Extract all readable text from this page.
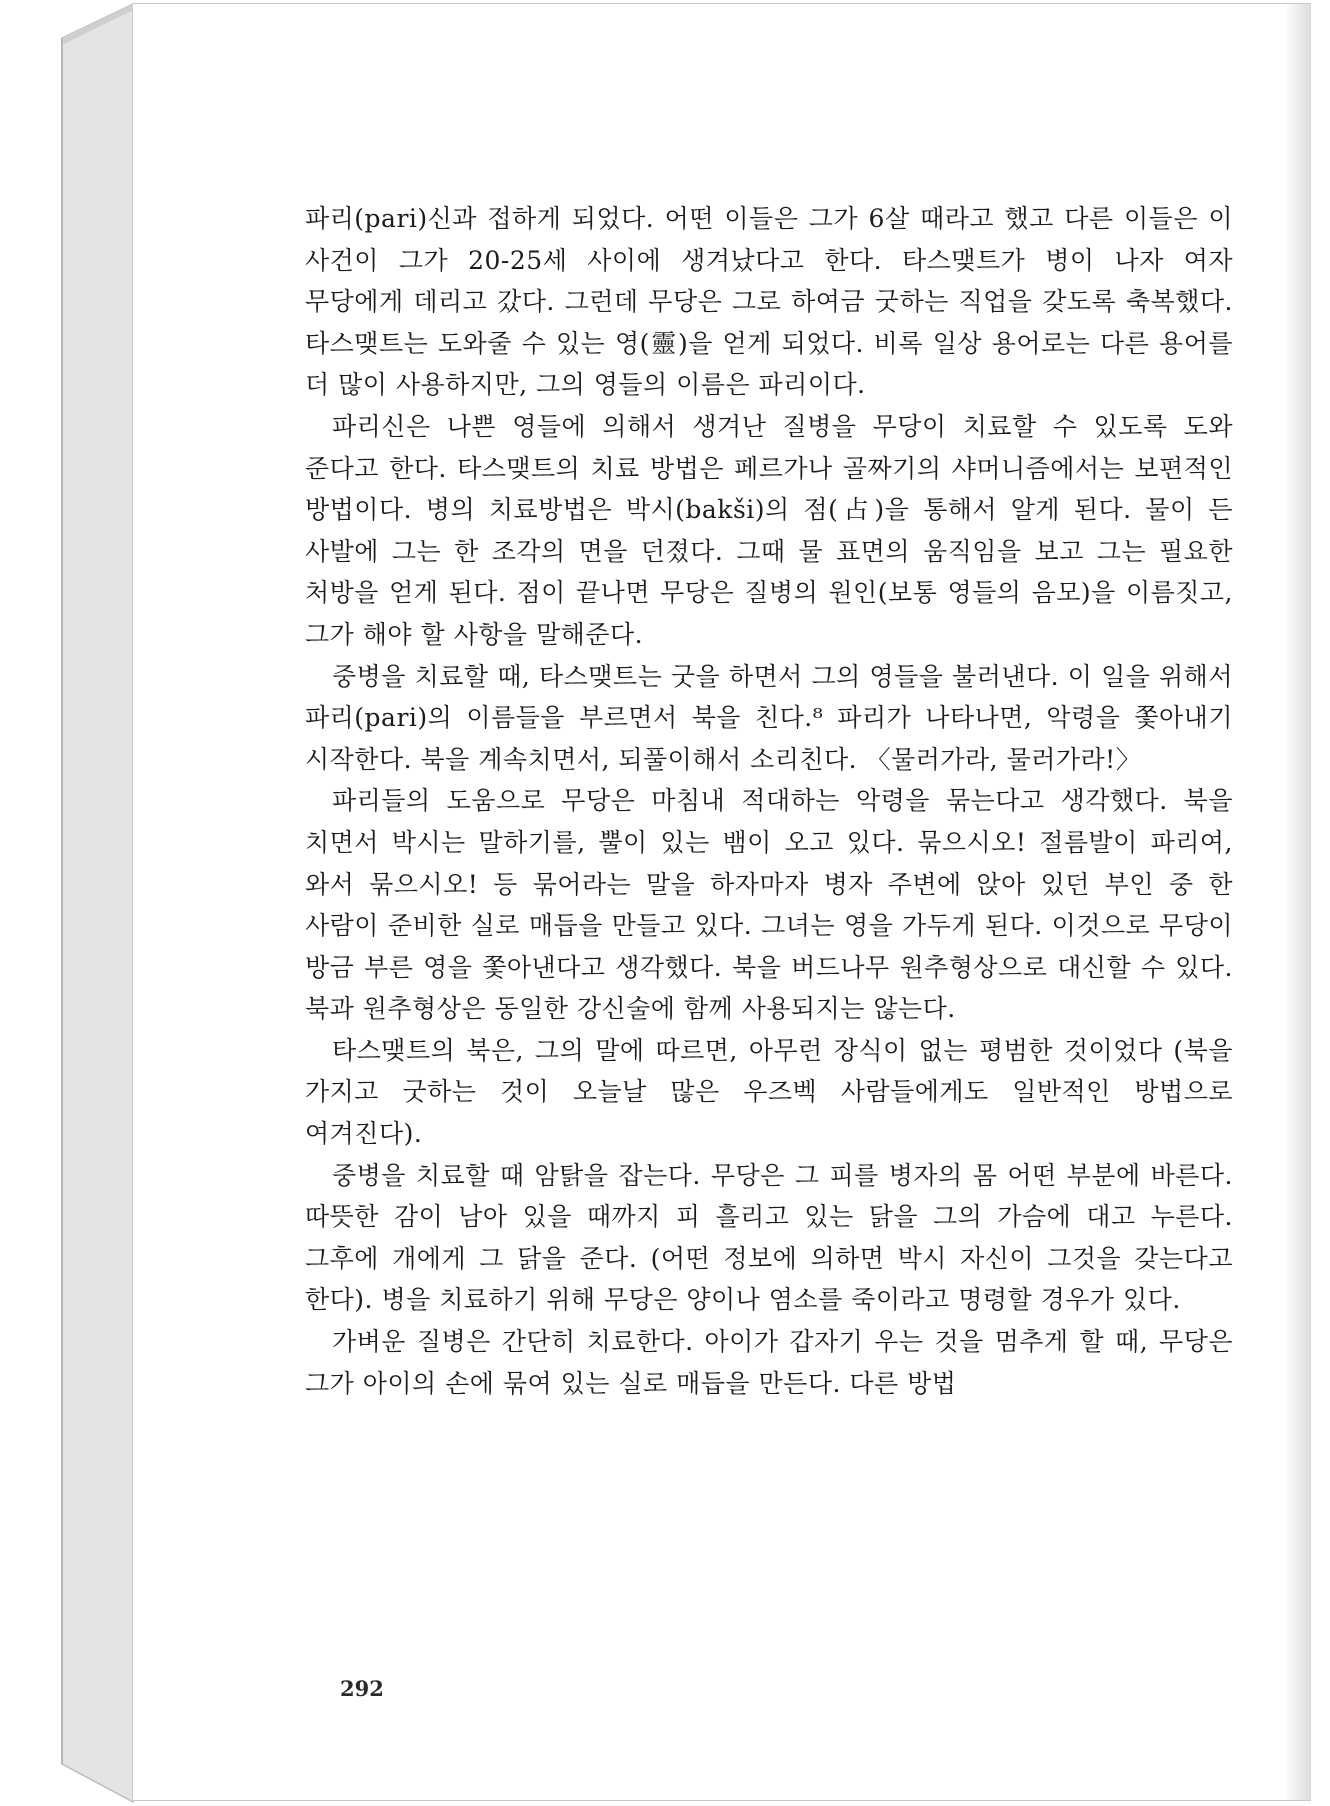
파리(pari)신과 접하게 되었다. 어떤 이들은 그가 6살 때라고 했고 다른 이들은 이 사건이 그가 20-25세 사이에 생겨났다고 한다. 타스맺트가 병이 나자 여자 무당에게 데리고 갔다. 그런데 무당은 그로 하여금 굿하는 직업을 갖도록 축복했다. 타스맺트는 도와줄 수 있는 영(靈)을 얻게 되었다. 비록 일상 용어로는 다른 용어를 더 많이 사용하지만, 그의 영들의 이름은 파리이다.

파리신은 나쁜 영들에 의해서 생겨난 질병을 무당이 치료할 수 있도록 도와 준다고 한다. 타스맺트의 치료 방법은 페르가나 골짜기의 샤머니즘에서는 보편적인 방법이다. 병의 치료방법은 박시(bakši)의 점(占)을 통해서 알게 된다. 물이 든 사발에 그는 한 조각의 면을 던졌다. 그때 물 표면의 움직임을 보고 그는 필요한 처방을 얻게 된다. 점이 끝나면 무당은 질병의 원인(보통 영들의 음모)을 이름짓고, 그가 해야 할 사항을 말해준다.

중병을 치료할 때, 타스맺트는 굿을 하면서 그의 영들을 불러낸다. 이 일을 위해서 파리(pari)의 이름들을 부르면서 북을 친다.⁸ 파리가 나타나면, 악령을 쫓아내기 시작한다. 북을 계속치면서, 되풀이해서 소리친다. 〈물러가라, 물러가라!〉

파리들의 도움으로 무당은 마침내 적대하는 악령을 묶는다고 생각했다. 북을 치면서 박시는 말하기를, 뿔이 있는 뱀이 오고 있다. 묶으시오! 절름발이 파리여, 와서 묶으시오! 등 묶어라는 말을 하자마자 병자 주변에 앉아 있던 부인 중 한 사람이 준비한 실로 매듭을 만들고 있다. 그녀는 영을 가두게 된다. 이것으로 무당이 방금 부른 영을 쫓아낸다고 생각했다. 북을 버드나무 원추형상으로 대신할 수 있다. 북과 원추형상은 동일한 강신술에 함께 사용되지는 않는다.

타스맺트의 북은, 그의 말에 따르면, 아무런 장식이 없는 평범한 것이었다 (북을 가지고 굿하는 것이 오늘날 많은 우즈벡 사람들에게도 일반적인 방법으로 여겨진다).

중병을 치료할 때 암탉을 잡는다. 무당은 그 피를 병자의 몸 어떤 부분에 바른다. 따뜻한 감이 남아 있을 때까지 피 흘리고 있는 닭을 그의 가슴에 대고 누른다. 그후에 개에게 그 닭을 준다. (어떤 정보에 의하면 박시 자신이 그것을 갖는다고 한다). 병을 치료하기 위해 무당은 양이나 염소를 죽이라고 명령할 경우가 있다.

가벼운 질병은 간단히 치료한다. 아이가 갑자기 우는 것을 멈추게 할 때, 무당은 그가 아이의 손에 묶여 있는 실로 매듭을 만든다. 다른 방법

292
